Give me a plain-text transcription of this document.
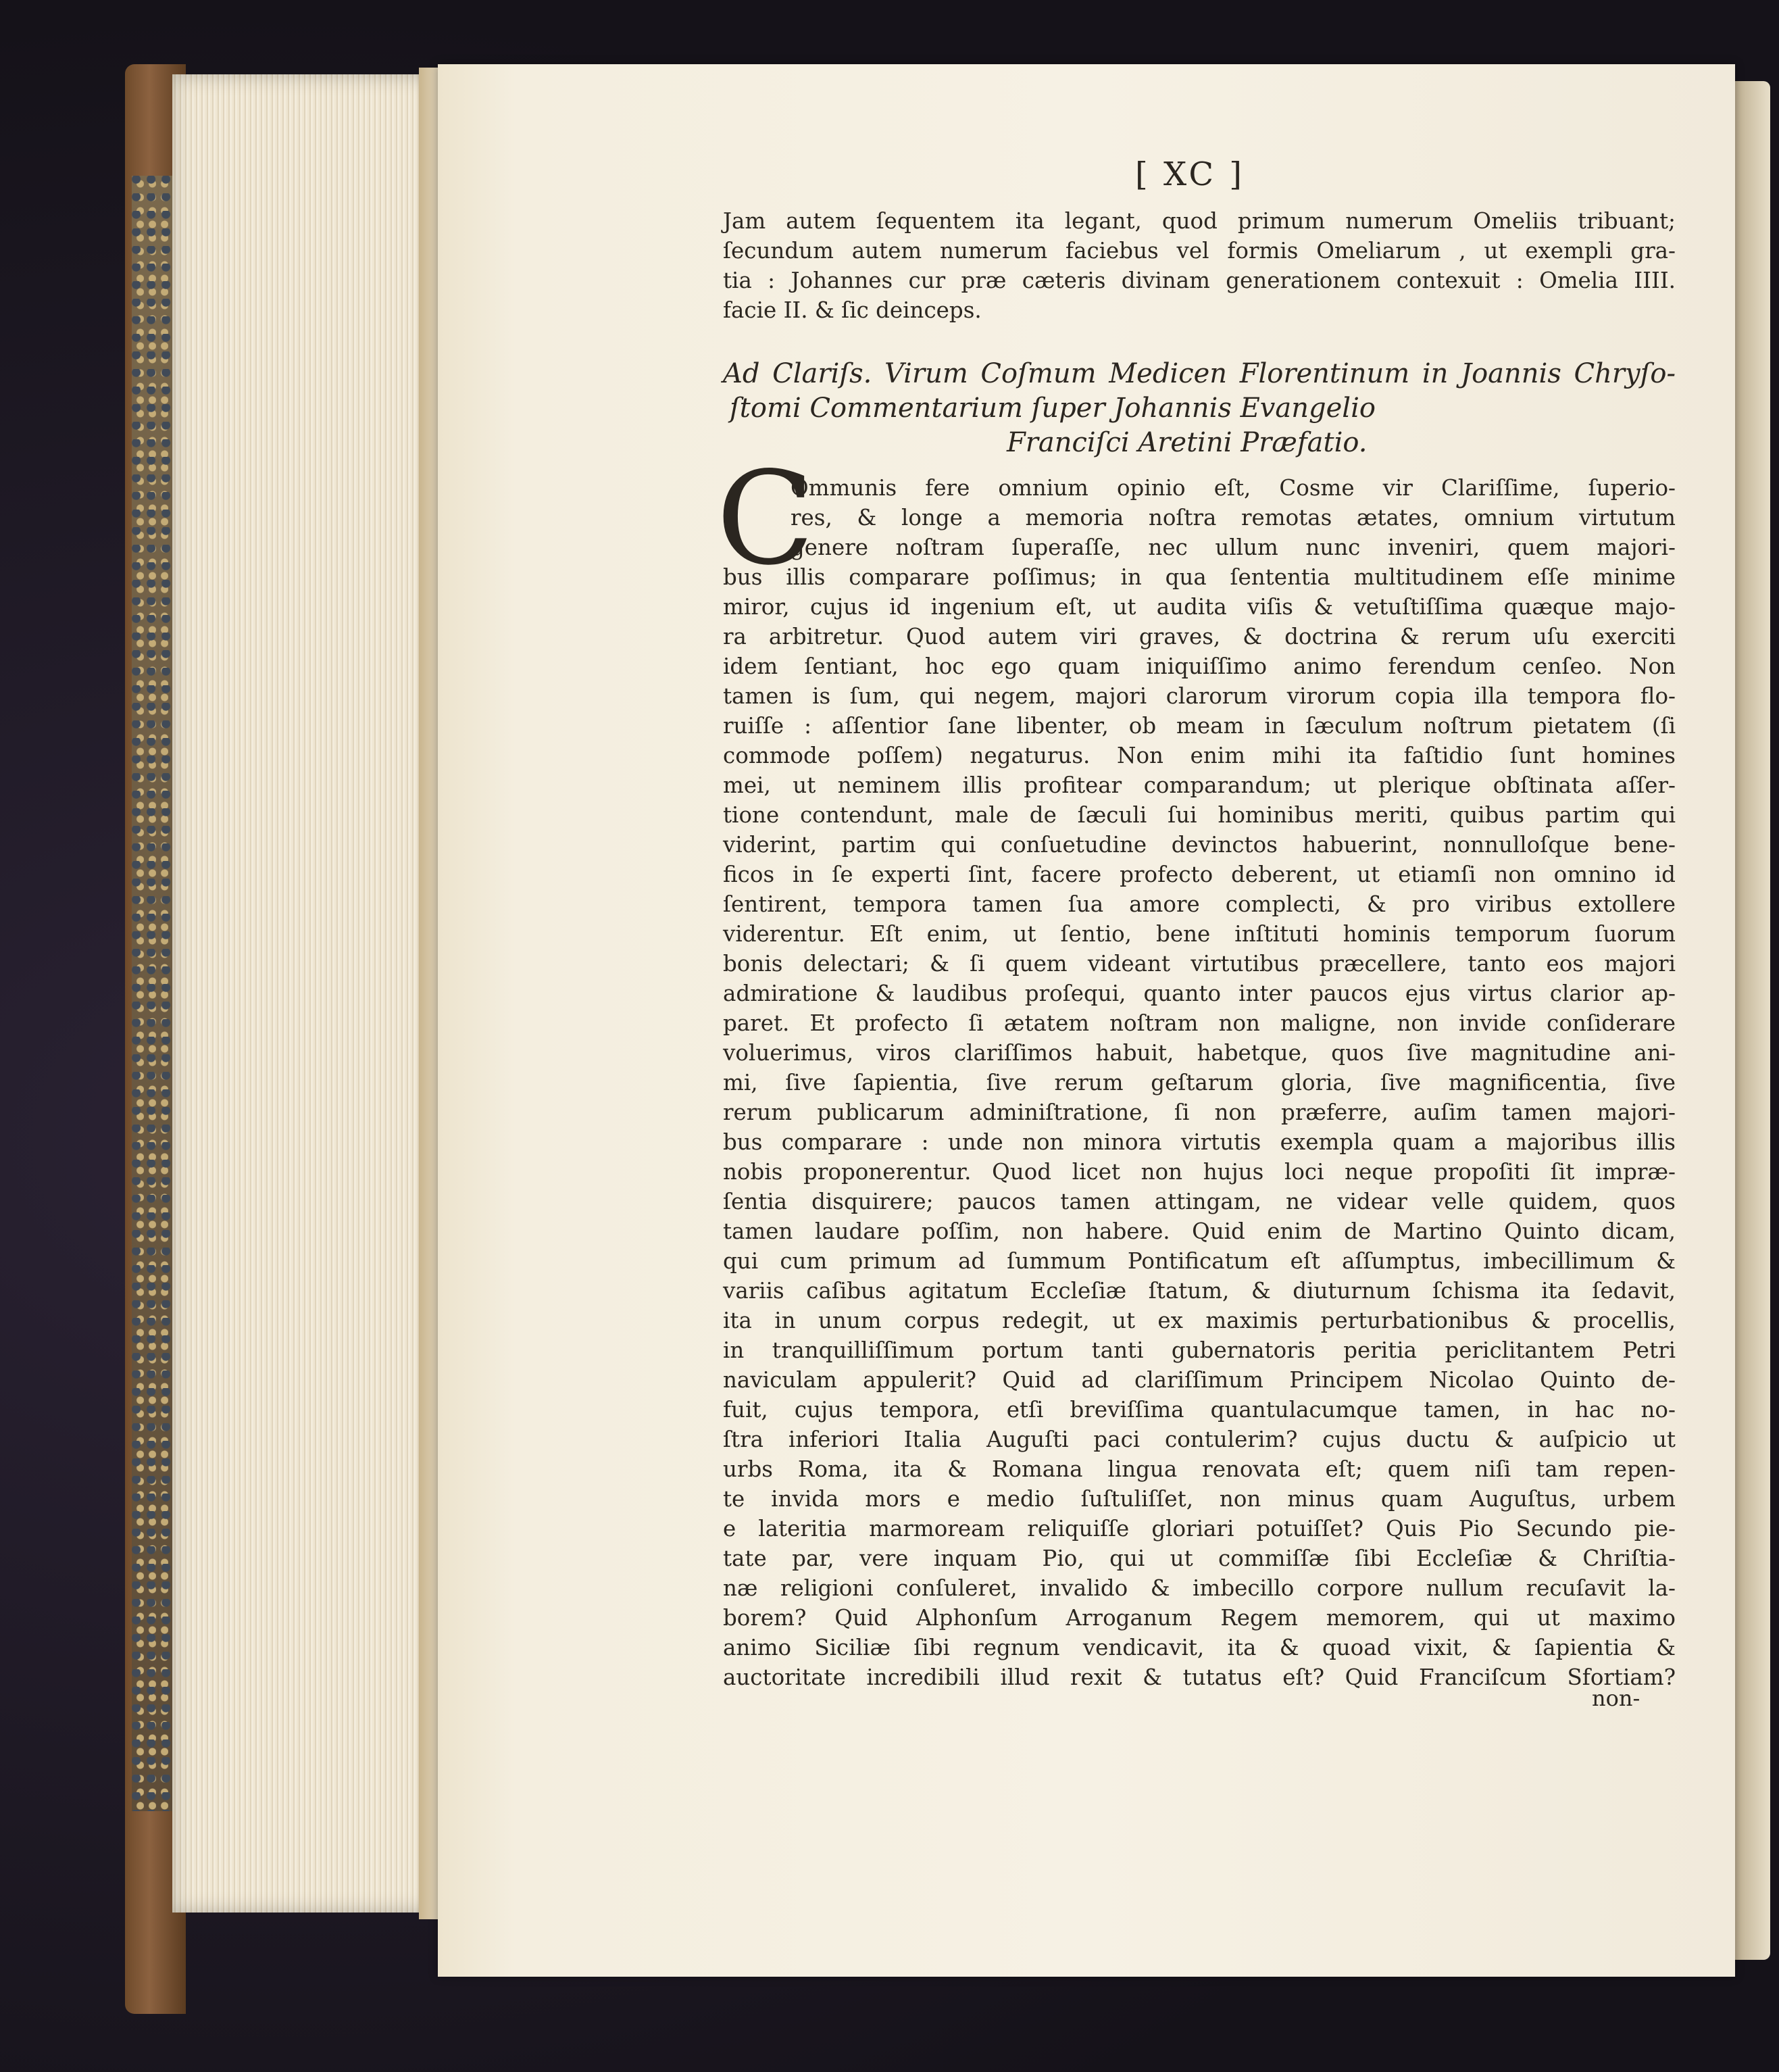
[ XC ]

Jam autem ſequentem ita legant, quod primum numerum Omeliis tribuant;

ſecundum autem numerum faciebus vel formis Omeliarum , ut exempli gra-

tia : Johannes cur præ cæteris divinam generationem contexuit : Omelia IIII.

facie II. & ſic deinceps.

Ad Clariſs. Virum Coſmum Medicen Florentinum in Joannis Chryſo-
ſtomi Commentarium ſuper Johannis Evangelio
Franciſci Aretini Præfatio.
C

Ommunis fere omnium opinio eſt, Cosme vir Clariſſime, ſuperio-

res, & longe a memoria noſtra remotas ætates, omnium virtutum

genere noſtram ſuperaſſe, nec ullum nunc inveniri, quem majori-

bus illis comparare poſſimus; in qua ſententia multitudinem eſſe minime

miror, cujus id ingenium eſt, ut audita viſis & vetuſtiſſima quæque majo-

ra arbitretur. Quod autem viri graves, & doctrina & rerum uſu exerciti

idem ſentiant, hoc ego quam iniquiſſimo animo ferendum cenſeo. Non

tamen is ſum, qui negem, majori clarorum virorum copia illa tempora flo-

ruiſſe : aſſentior ſane libenter, ob meam in ſæculum noſtrum pietatem (ſi

commode poſſem) negaturus. Non enim mihi ita faſtidio ſunt homines

mei, ut neminem illis profitear comparandum; ut plerique obſtinata aſſer-

tione contendunt, male de ſæculi ſui hominibus meriti, quibus partim qui

viderint, partim qui conſuetudine devinctos habuerint, nonnulloſque bene-

ficos in ſe experti ſint, facere profecto deberent, ut etiamſi non omnino id

ſentirent, tempora tamen ſua amore complecti, & pro viribus extollere

viderentur. Eſt enim, ut ſentio, bene inſtituti hominis temporum ſuorum

bonis delectari; & ſi quem videant virtutibus præcellere, tanto eos majori

admiratione & laudibus proſequi, quanto inter paucos ejus virtus clarior ap-

paret. Et profecto ſi ætatem noſtram non maligne, non invide conſiderare

voluerimus, viros clariſſimos habuit, habetque, quos ſive magnitudine ani-

mi, ſive ſapientia, ſive rerum geſtarum gloria, ſive magnificentia, ſive

rerum publicarum adminiſtratione, ſi non præferre, auſim tamen majori-

bus comparare : unde non minora virtutis exempla quam a majoribus illis

nobis proponerentur. Quod licet non hujus loci neque propoſiti ſit impræ-

ſentia disquirere; paucos tamen attingam, ne videar velle quidem, quos

tamen laudare poſſim, non habere. Quid enim de Martino Quinto dicam,

qui cum primum ad ſummum Pontificatum eſt aſſumptus, imbecillimum &

variis caſibus agitatum Eccleſiæ ſtatum, & diuturnum ſchisma ita ſedavit,

ita in unum corpus redegit, ut ex maximis perturbationibus & procellis,

in tranquilliſſimum portum tanti gubernatoris peritia periclitantem Petri

naviculam appulerit? Quid ad clariſſimum Principem Nicolao Quinto de-

fuit, cujus tempora, etſi breviſſima quantulacumque tamen, in hac no-

ſtra inferiori Italia Auguſti paci contulerim? cujus ductu & auſpicio ut

urbs Roma, ita & Romana lingua renovata eſt; quem niſi tam repen-

te invida mors e medio ſuſtuliſſet, non minus quam Auguſtus, urbem

e lateritia marmoream reliquiſſe gloriari potuiſſet? Quis Pio Secundo pie-

tate par, vere inquam Pio, qui ut commiſſæ ſibi Eccleſiæ & Chriſtia-

næ religioni conſuleret, invalido & imbecillo corpore nullum recuſavit la-

borem? Quid Alphonſum Arroganum Regem memorem, qui ut maximo

animo Siciliæ ſibi regnum vendicavit, ita & quoad vixit, & ſapientia &

auctoritate incredibili illud rexit & tutatus eſt? Quid Franciſcum Sfortiam?

non-
